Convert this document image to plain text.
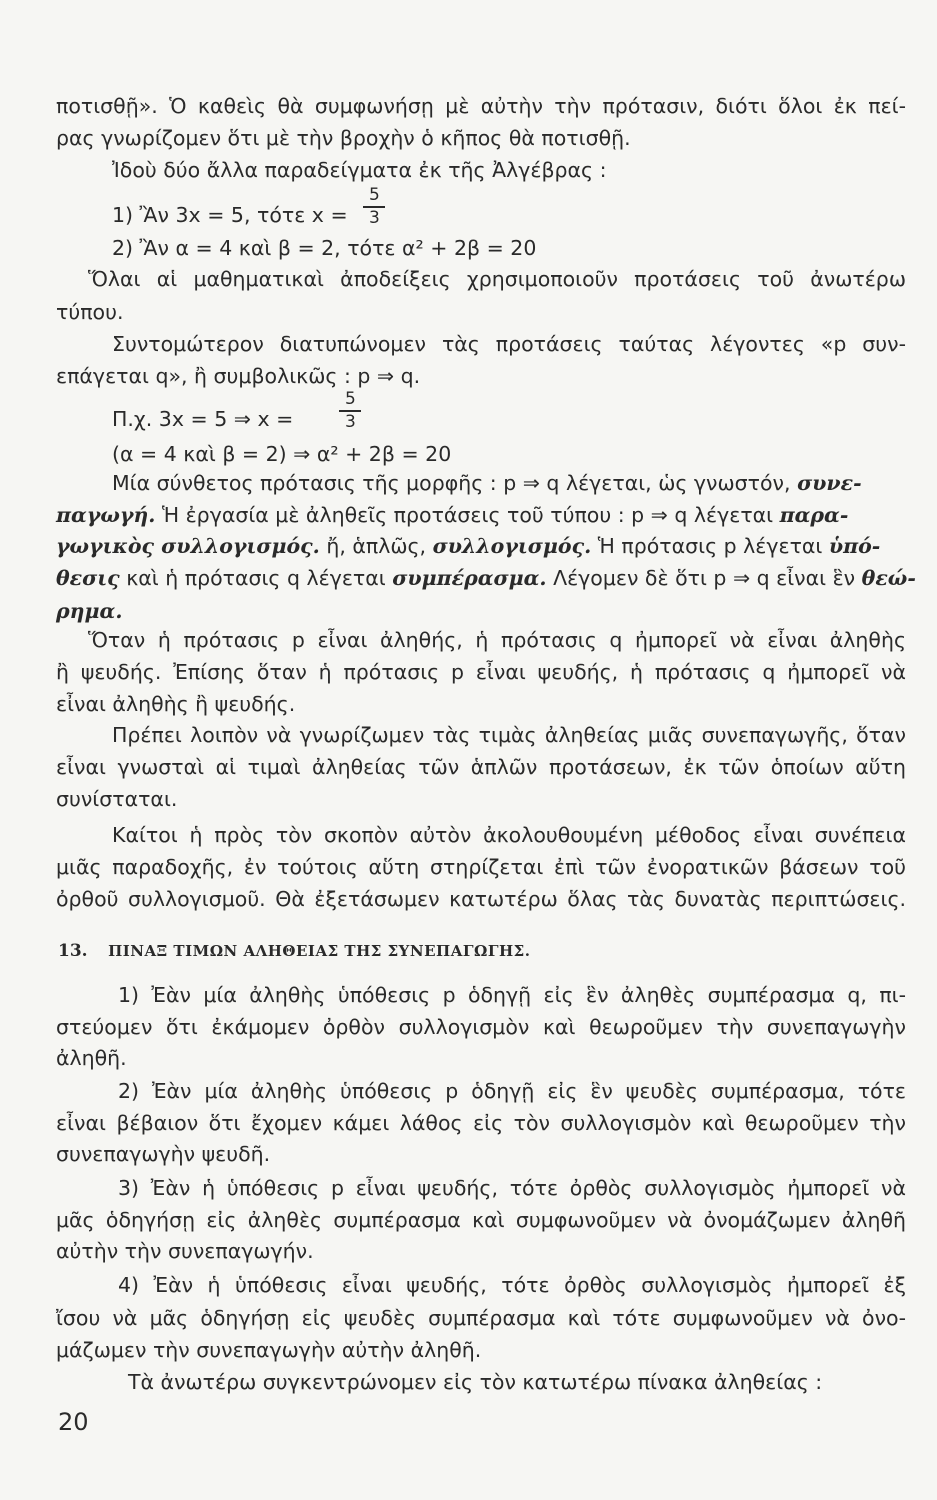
ποτισθῇ». Ὁ καθεὶς θὰ συμφωνήσῃ μὲ αὐτὴν τὴν πρότασιν, διότι ὅλοι ἐκ πεί-
ρας γνωρίζομεν ὅτι μὲ τὴν βροχὴν ὁ κῆπος θὰ ποτισθῇ.
Ἰδοὺ δύο ἄλλα παραδείγματα ἐκ τῆς Ἀλγέβρας :
1) Ἂν 3x = 5, τότε x =
5
3
2) Ἂν α = 4 καὶ β = 2, τότε α² + 2β = 20
Ὅλαι αἱ μαθηματικαὶ ἀποδείξεις χρησιμοποιοῦν προτάσεις τοῦ ἀνωτέρω
τύπου.
Συντομώτερον διατυπώνομεν τὰς προτάσεις ταύτας λέγοντες «p συν-
επάγεται q», ἢ συμβολικῶς : p ⇒ q.
Π.χ. 3x = 5 ⇒ x =
5
3
(α = 4 καὶ β = 2) ⇒ α² + 2β = 20
Μία σύνθετος πρότασις τῆς μορφῆς : p ⇒ q λέγεται, ὡς γνωστόν, συνε-
παγωγή. Ἡ ἐργασία μὲ ἀληθεῖς προτάσεις τοῦ τύπου : p ⇒ q λέγεται παρα-
γωγικὸς συλλογισμός. ἤ, ἁπλῶς, συλλογισμός. Ἡ πρότασις p λέγεται ὑπό-
θεσις καὶ ἡ πρότασις q λέγεται συμπέρασμα. Λέγομεν δὲ ὅτι p ⇒ q εἶναι ἓν θεώ-
ρημα.
Ὅταν ἡ πρότασις p εἶναι ἀληθής, ἡ πρότασις q ἠμπορεῖ νὰ εἶναι ἀληθὴς
ἢ ψευδής. Ἐπίσης ὅταν ἡ πρότασις p εἶναι ψευδής, ἡ πρότασις q ἠμπορεῖ νὰ
εἶναι ἀληθὴς ἢ ψευδής.
Πρέπει λοιπὸν νὰ γνωρίζωμεν τὰς τιμὰς ἀληθείας μιᾶς συνεπαγωγῆς, ὅταν
εἶναι γνωσταὶ αἱ τιμαὶ ἀληθείας τῶν ἁπλῶν προτάσεων, ἐκ τῶν ὁποίων αὕτη
συνίσταται.
Καίτοι ἡ πρὸς τὸν σκοπὸν αὐτὸν ἀκολουθουμένη μέθοδος εἶναι συνέπεια
μιᾶς παραδοχῆς, ἐν τούτοις αὕτη στηρίζεται ἐπὶ τῶν ἐνορατικῶν βάσεων τοῦ
ὀρθοῦ συλλογισμοῦ. Θὰ ἐξετάσωμεν κατωτέρω ὅλας τὰς δυνατὰς περιπτώσεις.
13. ΠΙΝΑΞ ΤΙΜΩΝ ΑΛΗΘΕΙΑΣ ΤΗΣ ΣΥΝΕΠΑΓΩΓΗΣ.
1) Ἐὰν μία ἀληθὴς ὑπόθεσις p ὁδηγῇ εἰς ἓν ἀληθὲς συμπέρασμα q, πι-
στεύομεν ὅτι ἐκάμομεν ὀρθὸν συλλογισμὸν καὶ θεωροῦμεν τὴν συνεπαγωγὴν
ἀληθῆ.
2) Ἐὰν μία ἀληθὴς ὑπόθεσις p ὁδηγῇ εἰς ἓν ψευδὲς συμπέρασμα, τότε
εἶναι βέβαιον ὅτι ἔχομεν κάμει λάθος εἰς τὸν συλλογισμὸν καὶ θεωροῦμεν τὴν
συνεπαγωγὴν ψευδῆ.
3) Ἐὰν ἡ ὑπόθεσις p εἶναι ψευδής, τότε ὀρθὸς συλλογισμὸς ἠμπορεῖ νὰ
μᾶς ὁδηγήσῃ εἰς ἀληθὲς συμπέρασμα καὶ συμφωνοῦμεν νὰ ὀνομάζωμεν ἀληθῆ
αὐτὴν τὴν συνεπαγωγήν.
4) Ἐὰν ἡ ὑπόθεσις εἶναι ψευδής, τότε ὀρθὸς συλλογισμὸς ἠμπορεῖ ἐξ
ἴσου νὰ μᾶς ὁδηγήσῃ εἰς ψευδὲς συμπέρασμα καὶ τότε συμφωνοῦμεν νὰ ὀνο-
μάζωμεν τὴν συνεπαγωγὴν αὐτὴν ἀληθῆ.
Τὰ ἀνωτέρω συγκεντρώνομεν εἰς τὸν κατωτέρω πίνακα ἀληθείας :
20
